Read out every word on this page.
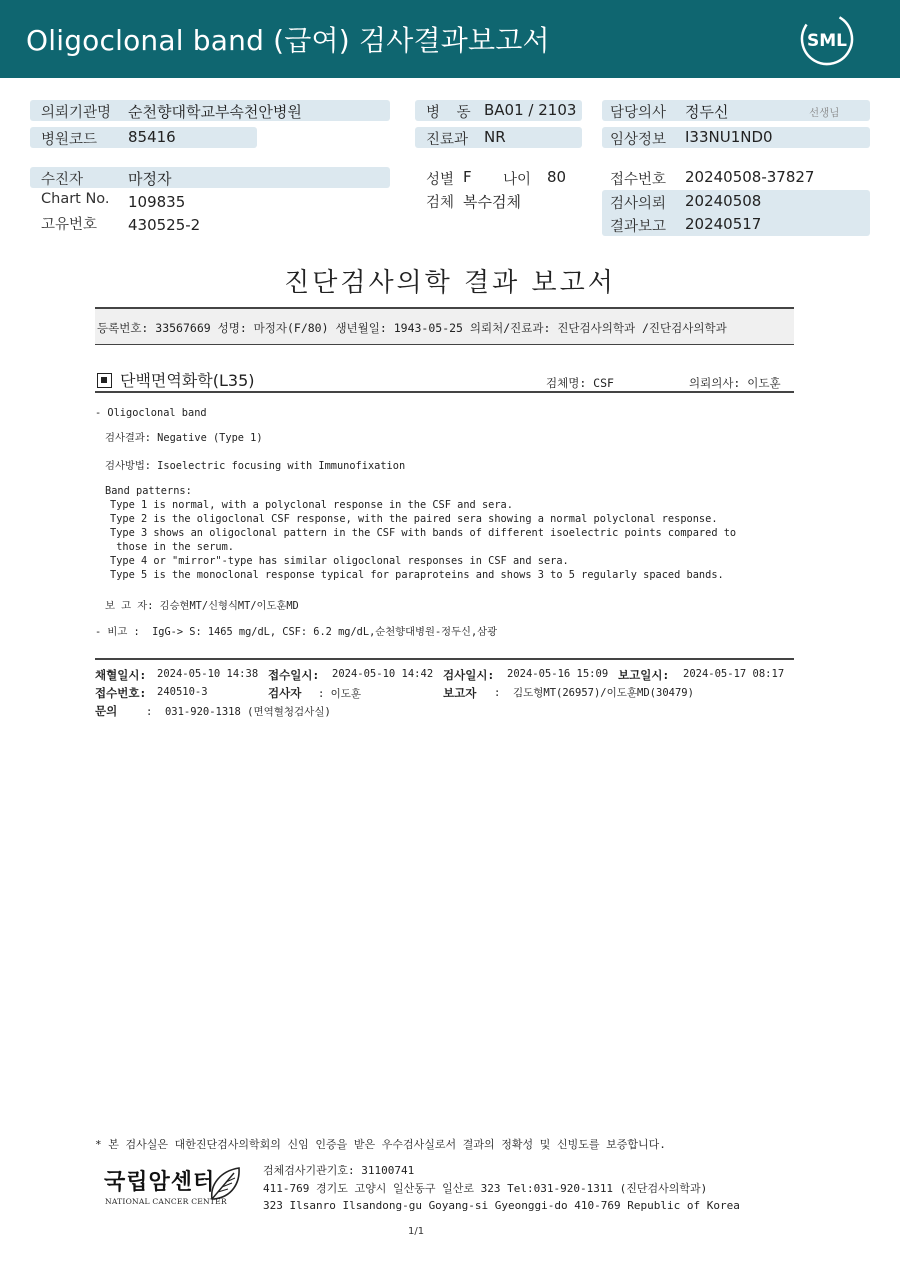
Oligoclonal band (급여) 검사결과보고서	SML
의뢰기관명 순천향대학교부속천안병원
병원코드 85416
병 동 BA01 / 2103
진료과 NR
담당의사 정두신	선생님
임상정보 I33NU1ND0
수진자	마정자
Chart No. 109835
고유번호 430525-2
성별 F 나이 80
검체 복수검체
접수번호 20240508-37827
검사의뢰 20240508
결과보고 20240517
진단검사의학 결과 보고서
등록번호: 33567669 성명: 마정자(F/80) 생년월일: 1943-05-25 의뢰처/진료과: 진단검사의학과 /진단검사의학과
단백면역화학(L35)	검체명: CSF	의뢰의사: 이도훈
- Oligoclonal band
검사결과: Negative (Type 1)
검사방법: Isoelectric focusing with Immunofixation
Band patterns:
Type 1 is normal, with a polyclonal response in the CSF and sera.
Type 2 is the oligoclonal CSF response, with the paired sera showing a normal polyclonal response.
Type 3 shows an oligoclonal pattern in the CSF with bands of different isoelectric points compared to
those in the serum.
Type 4 or "mirror"-type has similar oligoclonal responses in CSF and sera.
Type 5 is the monoclonal response typical for paraproteins and shows 3 to 5 regularly spaced bands.
보 고 자: 김승현MT/신형식MT/이도훈MD
- 비고 :  IgG-> S: 1465 mg/dL, CSF: 6.2 mg/dL,순천향대병원-정두신,삼광
채혈일시: 2024-05-10 14:38 접수일시: 2024-05-10 14:42 검사일시: 2024-05-16 15:09 보고일시: 2024-05-17 08:17
접수번호: 240510-3	검사자 : 이도훈	보고자 :  김도형MT(26957)/이도훈MD(30479)
문의	:  031-920-1318 (면역혈청검사실)
* 본 검사실은 대한진단검사의학회의 신임 인증을 받은 우수검사실로서 결과의 정확성 및 신빙도를 보증합니다.
국립암센터
NATIONAL CANCER CENTER
검체검사기관기호: 31100741
411-769 경기도 고양시 일산동구 일산로 323 Tel:031-920-1311 (진단검사의학과)
323 Ilsanro Ilsandong-gu Goyang-si Gyeonggi-do 410-769 Republic of Korea
1/1
